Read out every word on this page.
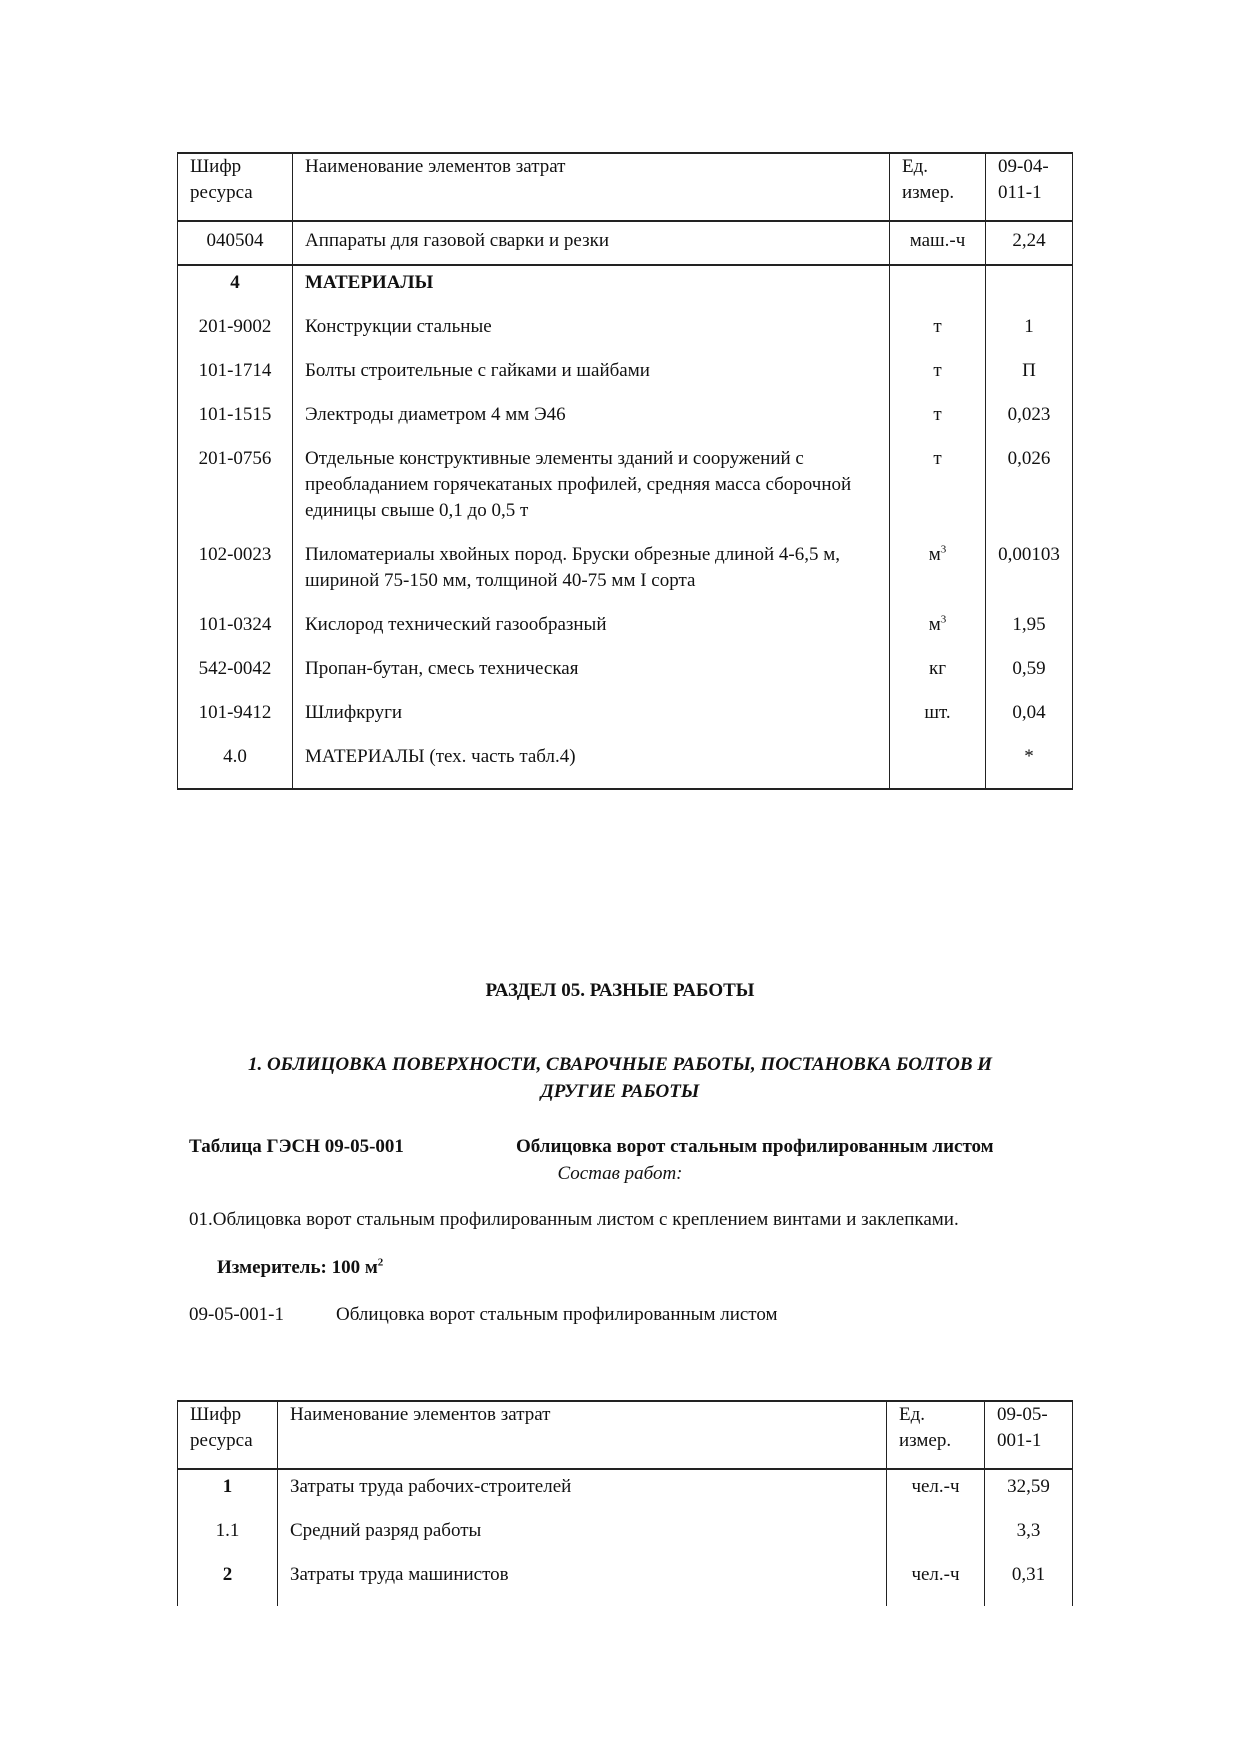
Шифр ресурса	Наименование элементов затрат	Ед. измер.	09-04-011-1

040504	Аппараты для газовой сварки и резки	маш.-ч	2,24
4	МАТЕРИАЛЫ		
201-9002	Конструкции стальные	т	1
101-1714	Болты строительные с гайками и шайбами	т	П
101-1515	Электроды диаметром 4 мм Э46	т	0,023
201-0756	Отдельные конструктивные элементы зданий и сооружений с преобладанием горячекатаных профилей, средняя масса сборочной единицы свыше 0,1 до 0,5 т	т	0,026
102-0023	Пиломатериалы хвойных пород. Бруски обрезные длиной 4-6,5 м, шириной 75-150 мм, толщиной 40-75 мм I сорта	$м^3$	0,00103
101-0324	Кислород технический газообразный	$м^3$	1,95
542-0042	Пропан-бутан, смесь техническая	кг	0,59
101-9412	Шлифкруги	шт.	0,04
4.0	МАТЕРИАЛЫ (тех. часть табл.4)		*
РАЗДЕЛ 05. РАЗНЫЕ РАБОТЫ
1. ОБЛИЦОВКА ПОВЕРХНОСТИ, СВАРОЧНЫЕ РАБОТЫ, ПОСТАНОВКА БОЛТОВ И
ДРУГИЕ РАБОТЫ
Таблица ГЭСН 09-05-001	Облицовка ворот стальным профилированным листом
Состав работ:
01.Облицовка ворот стальным профилированным листом с креплением винтами и заклепками.
Измеритель: 100 $м^2$
09-05-001-1	Облицовка ворот стальным профилированным листом
Шифр ресурса	Наименование элементов затрат	Ед. измер.	09-05-001-1

1	Затраты труда рабочих-строителей	чел.-ч	32,59
1.1	Средний разряд работы		3,3
2	Затраты труда машинистов	чел.-ч	0,31
